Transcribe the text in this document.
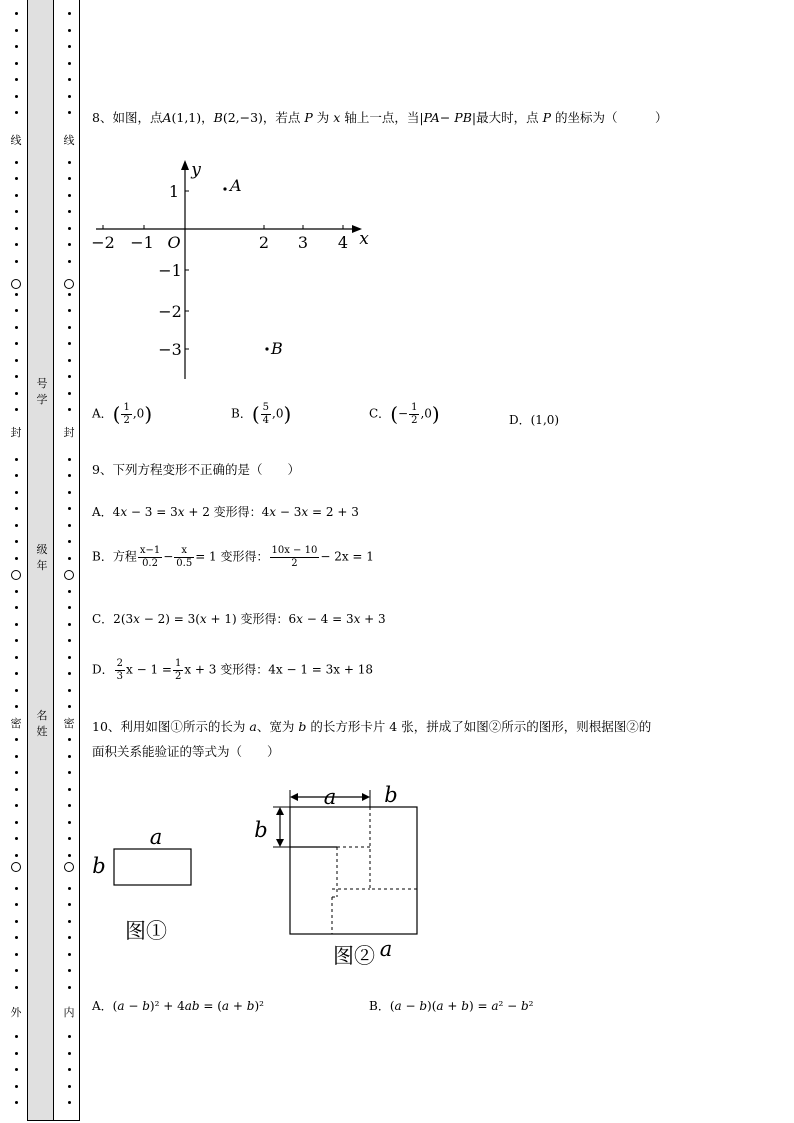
线
封
密
外
线
封
密
内
号学
级年
名姓
8、如图，点A(1,1)，B(2,−3)，若点 P 为 x 轴上一点，当|PA− PB|最大时，点 P 的坐标为（　　　）
−2 −1 O	2 3 4 x
1
−1
−2
−3
y
A
B
A．( $\frac{1}{2} ,0$)	B．( $\frac{5}{4} ,0$)	C．(− $\frac{1}{2} ,0$)	D．(1,0)
9、下列方程变形不正确的是（　　）
A．4x − 3 = 3x + 2 变形得：4x − 3x = 2 + 3
B．方程 $\frac{x-1}{0.2} - \frac{x}{0.5} = 1$ 变形得： $\frac{10x - 10}{2} - 2x = 1$
C．2(3x − 2) = 3(x + 1) 变形得：6x − 4 = 3x + 3
D． $\frac{2}{3}$ $x - 1 = \frac{1}{2}$ x + 3 变形得：4x − 1 = 3x + 18
10、利用如图①所示的长为 a、宽为 b 的长方形卡片 4 张，拼成了如图②所示的图形，则根据图②的
面积关系能验证的等式为（　　）
a
b
图①
a b
b
图② a
A．(a − b)² + 4ab = (a + b)²	B．(a − b)(a + b) = a² − b²
